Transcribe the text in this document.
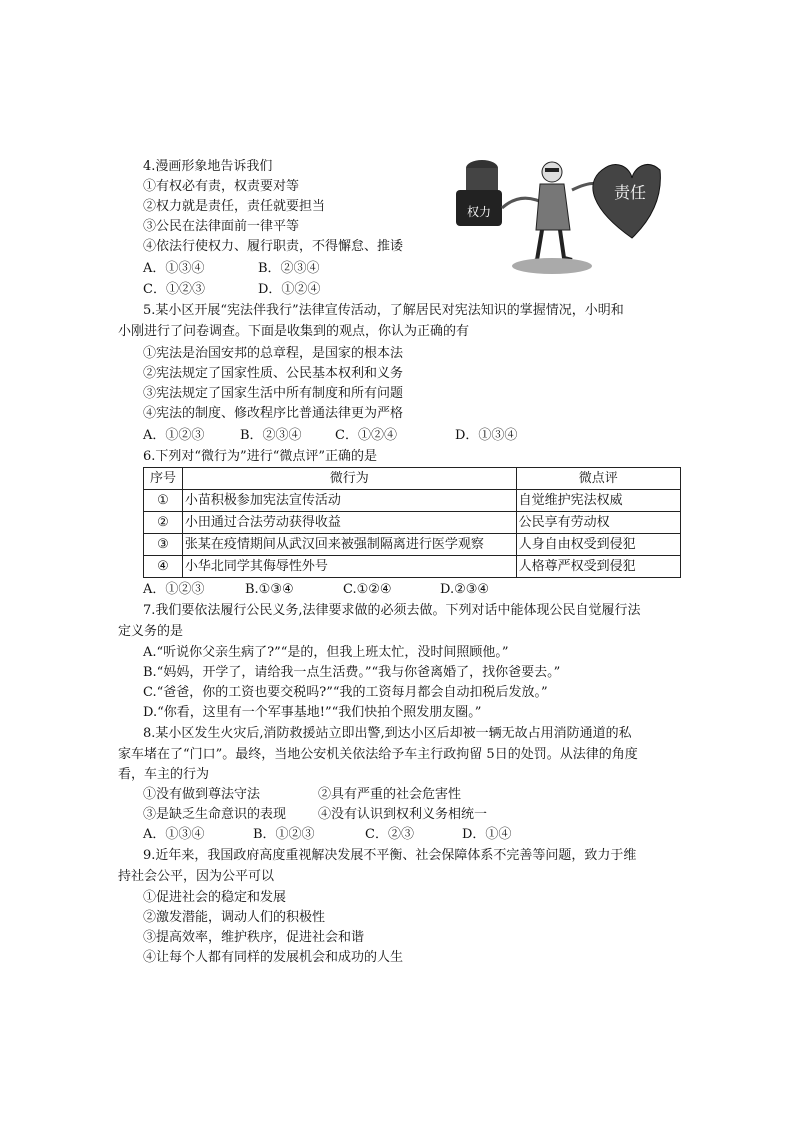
4.漫画形象地告诉我们
①有权必有责，权责要对等
②权力就是责任，责任就要担当
③公民在法律面前一律平等
④依法行使权力、履行职责，不得懈怠、推诿
A．①③④	B．②③④
C．①②③	D．①②④
权力
责任
5.某小区开展“宪法伴我行”法律宣传活动，了解居民对宪法知识的掌握情况，小明和
小刚进行了问卷调查。下面是收集到的观点，你认为正确的有
①宪法是治国安邦的总章程，是国家的根本法
②宪法规定了国家性质、公民基本权利和义务
③宪法规定了国家生活中所有制度和所有问题
④宪法的制度、修改程序比普通法律更为严格
A．①②③	B．②③④	C．①②④	D．①③④
6.下列对“微行为”进行“微点评”正确的是
序号	微行为	微点评
①	小苗积极参加宪法宣传活动	自觉维护宪法权威
②	小田通过合法劳动获得收益	公民享有劳动权
③	张某在疫情期间从武汉回来被强制隔离进行医学观察	人身自由权受到侵犯
④	小华北同学其侮辱性外号	人格尊严权受到侵犯
A．①②③	B.①③④	C.①②④	D.②③④
7.我们要依法履行公民义务,法律要求做的必须去做。下列对话中能体现公民自觉履行法
定义务的是
A.“听说你父亲生病了?”“是的，但我上班太忙，没时间照顾他。”
B.“妈妈，开学了，请给我一点生活费。”“我与你爸离婚了，找你爸要去。”
C.“爸爸，你的工资也要交税吗?”“我的工资每月都会自动扣税后发放。”
D.“你看，这里有一个军事基地!”“我们快拍个照发朋友圈。”
8.某小区发生火灾后,消防救援站立即出警,到达小区后却被一辆无故占用消防通道的私
家车堵在了“门口”。最终，当地公安机关依法给予车主行政拘留 5日的处罚。从法律的角度
看，车主的行为
①没有做到尊法守法	②具有严重的社会危害性
③是缺乏生命意识的表现 ④没有认识到权利义务相统一
A．①③④	B．①②③	C．②③	D．①④
9.近年来，我国政府高度重视解决发展不平衡、社会保障体系不完善等问题，致力于维
持社会公平，因为公平可以
①促进社会的稳定和发展
②激发潜能，调动人们的积极性
③提高效率，维护秩序，促进社会和谐
④让每个人都有同样的发展机会和成功的人生
